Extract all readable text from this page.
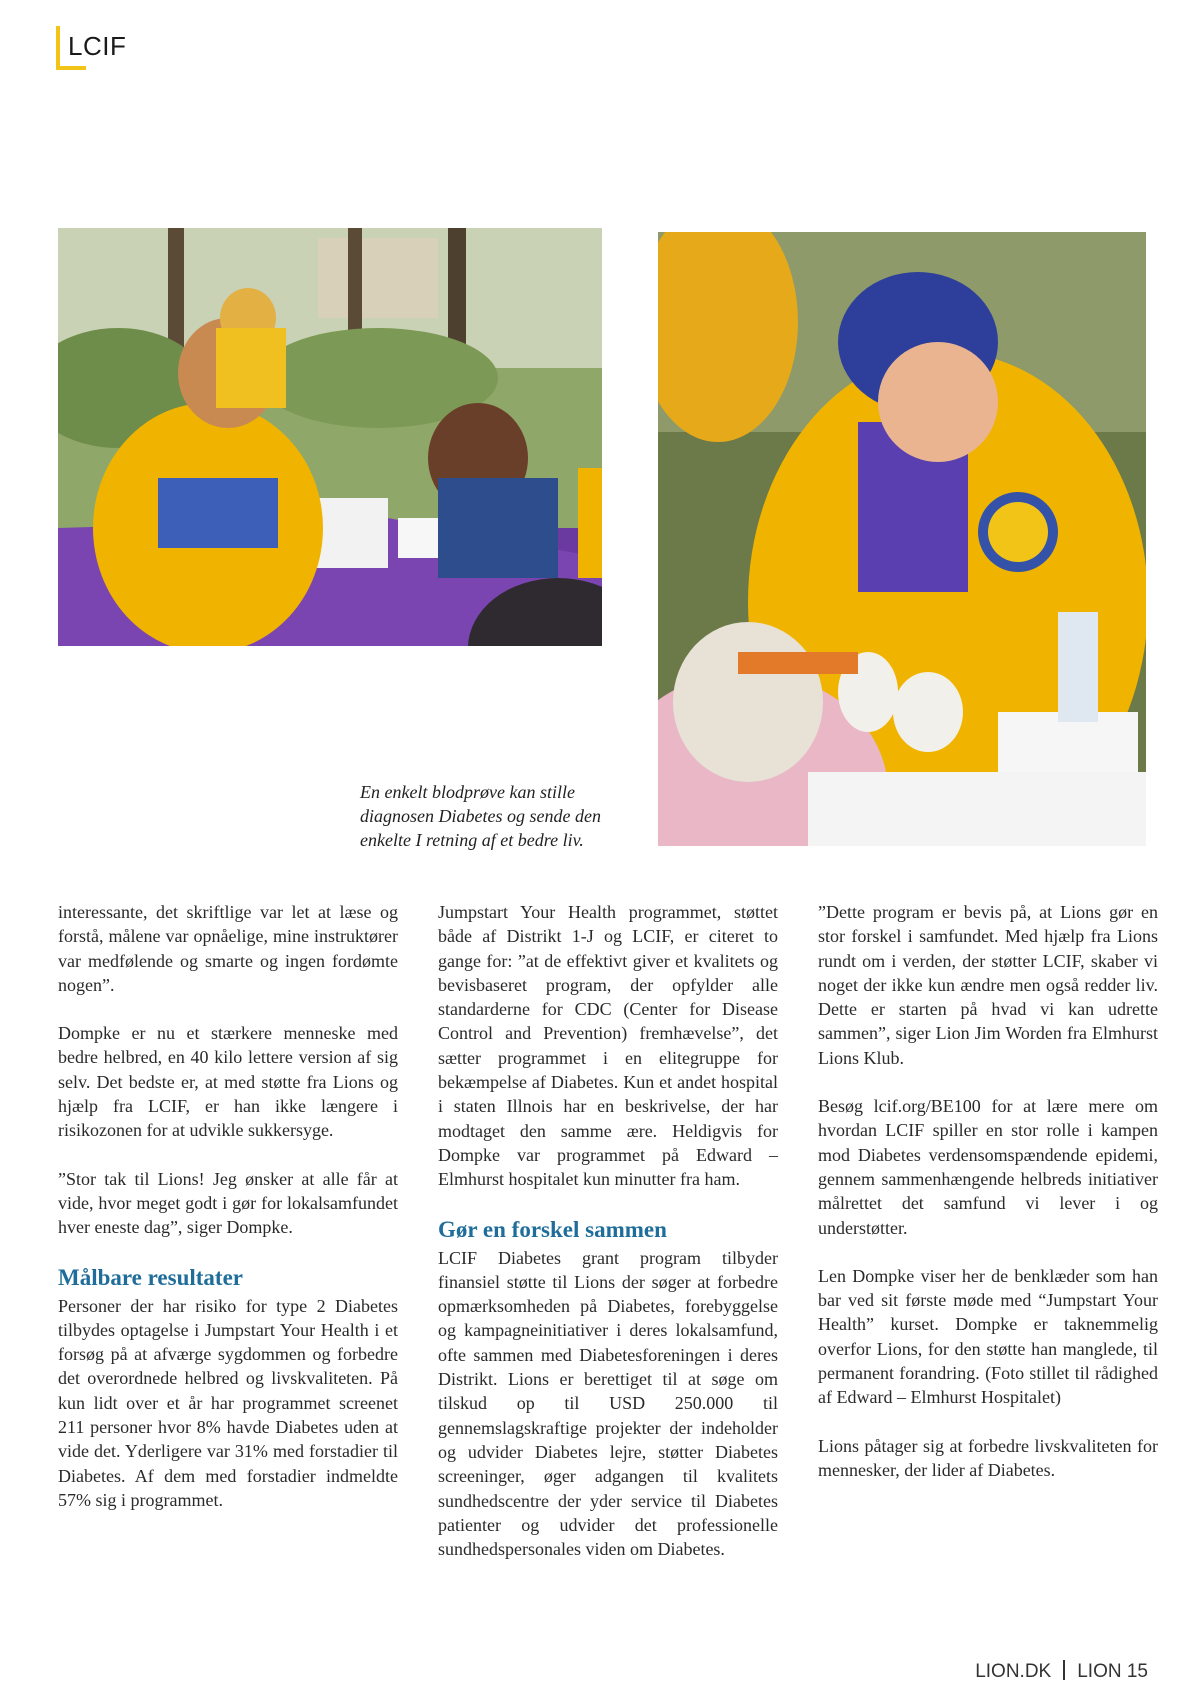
LCIF
En enkelt blodprøve kan stille diagnosen Diabetes og sende den enkelte I retning af et bedre liv.

interessante, det skriftlige var let at læse og forstå, målene var opnåelige, mine instruktører var medfølende og smarte og ingen fordømte nogen”.

Dompke er nu et stærkere menneske med bedre helbred, en 40 kilo lettere version af sig selv. Det bedste er, at med støtte fra Lions og hjælp fra LCIF, er han ikke længere i risikozonen for at udvikle sukkersyge.

”Stor tak til Lions! Jeg ønsker at alle får at vide, hvor meget godt i gør for lokalsamfundet hver eneste dag”, siger Dompke.

Målbare resultater

Personer der har risiko for type 2 Diabetes tilbydes optagelse i Jumpstart Your Health i et forsøg på at afværge sygdommen og forbedre det overordnede helbred og livskvaliteten. På kun lidt over et år har programmet screenet 211 personer hvor 8% havde Diabetes uden at vide det. Yderligere var 31% med forstadier til Diabetes. Af dem med forstadier indmeldte 57% sig i programmet.

Jumpstart Your Health programmet, støttet både af Distrikt 1-J og LCIF, er citeret to gange for: ”at de effektivt giver et kvalitets og bevisbaseret program, der opfylder alle standarderne for CDC (Center for Disease Control and Prevention) fremhævelse”, det sætter programmet i en elitegruppe for bekæmpelse af Diabetes. Kun et andet hospital i staten Illnois har en beskrivelse, der har modtaget den samme ære. Heldigvis for Dompke var programmet på Edward – Elmhurst hospitalet kun minutter fra ham.

Gør en forskel sammen

LCIF Diabetes grant program tilbyder finansiel støtte til Lions der søger at forbedre opmærksomheden på Diabetes, forebyggelse og kampagneinitiativer i deres lokalsamfund, ofte sammen med Diabetesforeningen i deres Distrikt. Lions er berettiget til at søge om tilskud op til USD 250.000 til gennemslagskraftige projekter der indeholder og udvider Diabetes lejre, støtter Diabetes screeninger, øger adgangen til kvalitets sundhedscentre der yder service til Diabetes patienter og udvider det professionelle sundhedspersonales viden om Diabetes.

”Dette program er bevis på, at Lions gør en stor forskel i samfundet. Med hjælp fra Lions rundt om i verden, der støtter LCIF, skaber vi noget der ikke kun ændre men også redder liv. Dette er starten på hvad vi kan udrette sammen”, siger Lion Jim Worden fra Elmhurst Lions Klub.

Besøg lcif.org/BE100 for at lære mere om hvordan LCIF spiller en stor rolle i kampen mod Diabetes verdensomspændende epidemi, gennem sammenhængende helbreds initiativer målrettet det samfund vi lever i og understøtter.

Len Dompke viser her de benklæder som han bar ved sit første møde med “Jumpstart Your Health” kurset. Dompke er taknemmelig overfor Lions, for den støtte han manglede, til permanent forandring. (Foto stillet til rådighed af Edward – Elmhurst Hospitalet)

Lions påtager sig at forbedre livskvaliteten for mennesker, der lider af Diabetes.

LION.DK LION 15
